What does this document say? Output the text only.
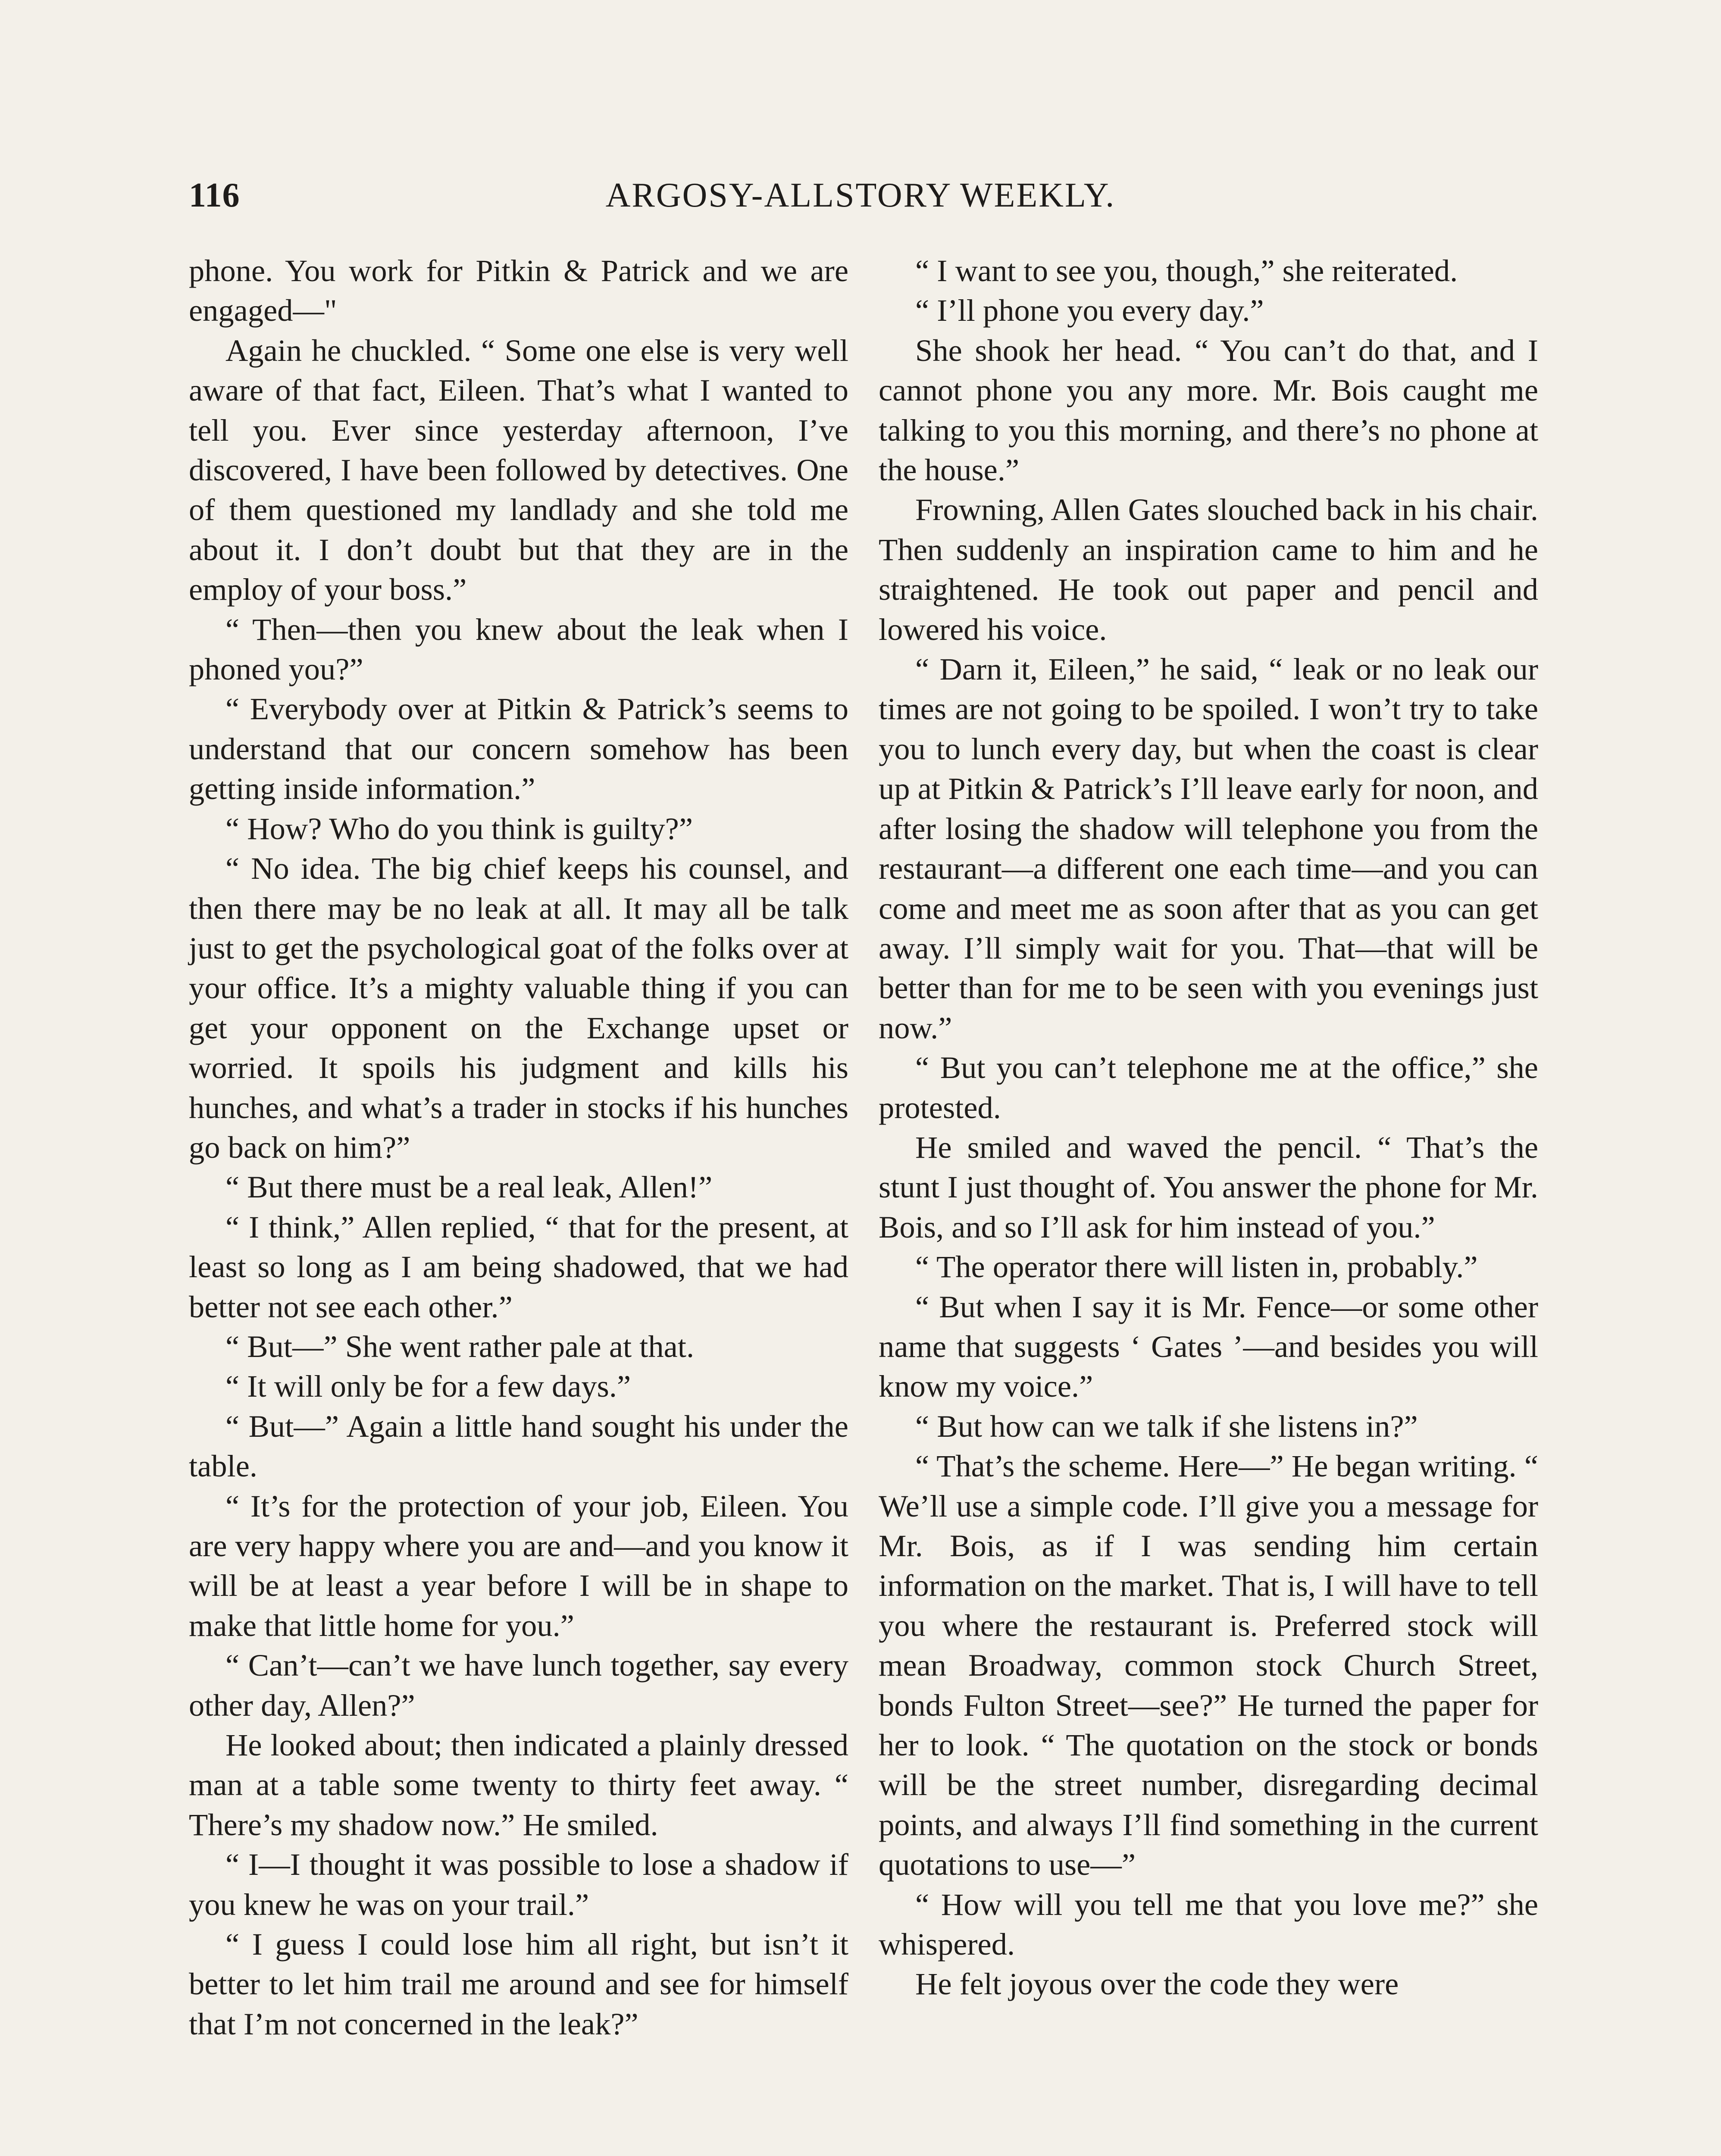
116	ARGOSY-ALLSTORY WEEKLY.

phone. You work for Pitkin & Patrick and we are engaged—"

Again he chuckled. “ Some one else is very well aware of that fact, Eileen. That’s what I wanted to tell you. Ever since yesterday afternoon, I’ve discovered, I have been followed by detectives. One of them questioned my landlady and she told me about it. I don’t doubt but that they are in the employ of your boss.”

“ Then—then you knew about the leak when I phoned you?”

“ Everybody over at Pitkin & Patrick’s seems to understand that our concern somehow has been getting inside information.”

“ How? Who do you think is guilty?”

“ No idea. The big chief keeps his counsel, and then there may be no leak at all. It may all be talk just to get the psychological goat of the folks over at your office. It’s a mighty valuable thing if you can get your opponent on the Exchange upset or worried. It spoils his judgment and kills his hunches, and what’s a trader in stocks if his hunches go back on him?”

“ But there must be a real leak, Allen!”

“ I think,” Allen replied, “ that for the present, at least so long as I am being shadowed, that we had better not see each other.”

“ But—” She went rather pale at that.

“ It will only be for a few days.”

“ But—” Again a little hand sought his under the table.

“ It’s for the protection of your job, Eileen. You are very happy where you are and—and you know it will be at least a year before I will be in shape to make that little home for you.”

“ Can’t—can’t we have lunch together, say every other day, Allen?”

He looked about; then indicated a plainly dressed man at a table some twenty to thirty feet away. “ There’s my shadow now.” He smiled.

“ I—I thought it was possible to lose a shadow if you knew he was on your trail.”

“ I guess I could lose him all right, but isn’t it better to let him trail me around and see for himself that I’m not concerned in the leak?”

“ I want to see you, though,” she reiterated.

“ I’ll phone you every day.”

She shook her head. “ You can’t do that, and I cannot phone you any more. Mr. Bois caught me talking to you this morning, and there’s no phone at the house.”

Frowning, Allen Gates slouched back in his chair. Then suddenly an inspiration came to him and he straightened. He took out paper and pencil and lowered his voice.

“ Darn it, Eileen,” he said, “ leak or no leak our times are not going to be spoiled. I won’t try to take you to lunch every day, but when the coast is clear up at Pitkin & Patrick’s I’ll leave early for noon, and after losing the shadow will telephone you from the restaurant—a different one each time—and you can come and meet me as soon after that as you can get away. I’ll simply wait for you. That—that will be better than for me to be seen with you evenings just now.”

“ But you can’t telephone me at the office,” she protested.

He smiled and waved the pencil. “ That’s the stunt I just thought of. You answer the phone for Mr. Bois, and so I’ll ask for him instead of you.”

“ The operator there will listen in, probably.”

“ But when I say it is Mr. Fence—or some other name that suggests ‘ Gates ’—and besides you will know my voice.”

“ But how can we talk if she listens in?”

“ That’s the scheme. Here—” He began writing. “ We’ll use a simple code. I’ll give you a message for Mr. Bois, as if I was sending him certain information on the market. That is, I will have to tell you where the restaurant is. Preferred stock will mean Broadway, common stock Church Street, bonds Fulton Street—see?” He turned the paper for her to look. “ The quotation on the stock or bonds will be the street number, disregarding decimal points, and always I’ll find something in the current quotations to use—”

“ How will you tell me that you love me?” she whispered.

He felt joyous over the code they were
